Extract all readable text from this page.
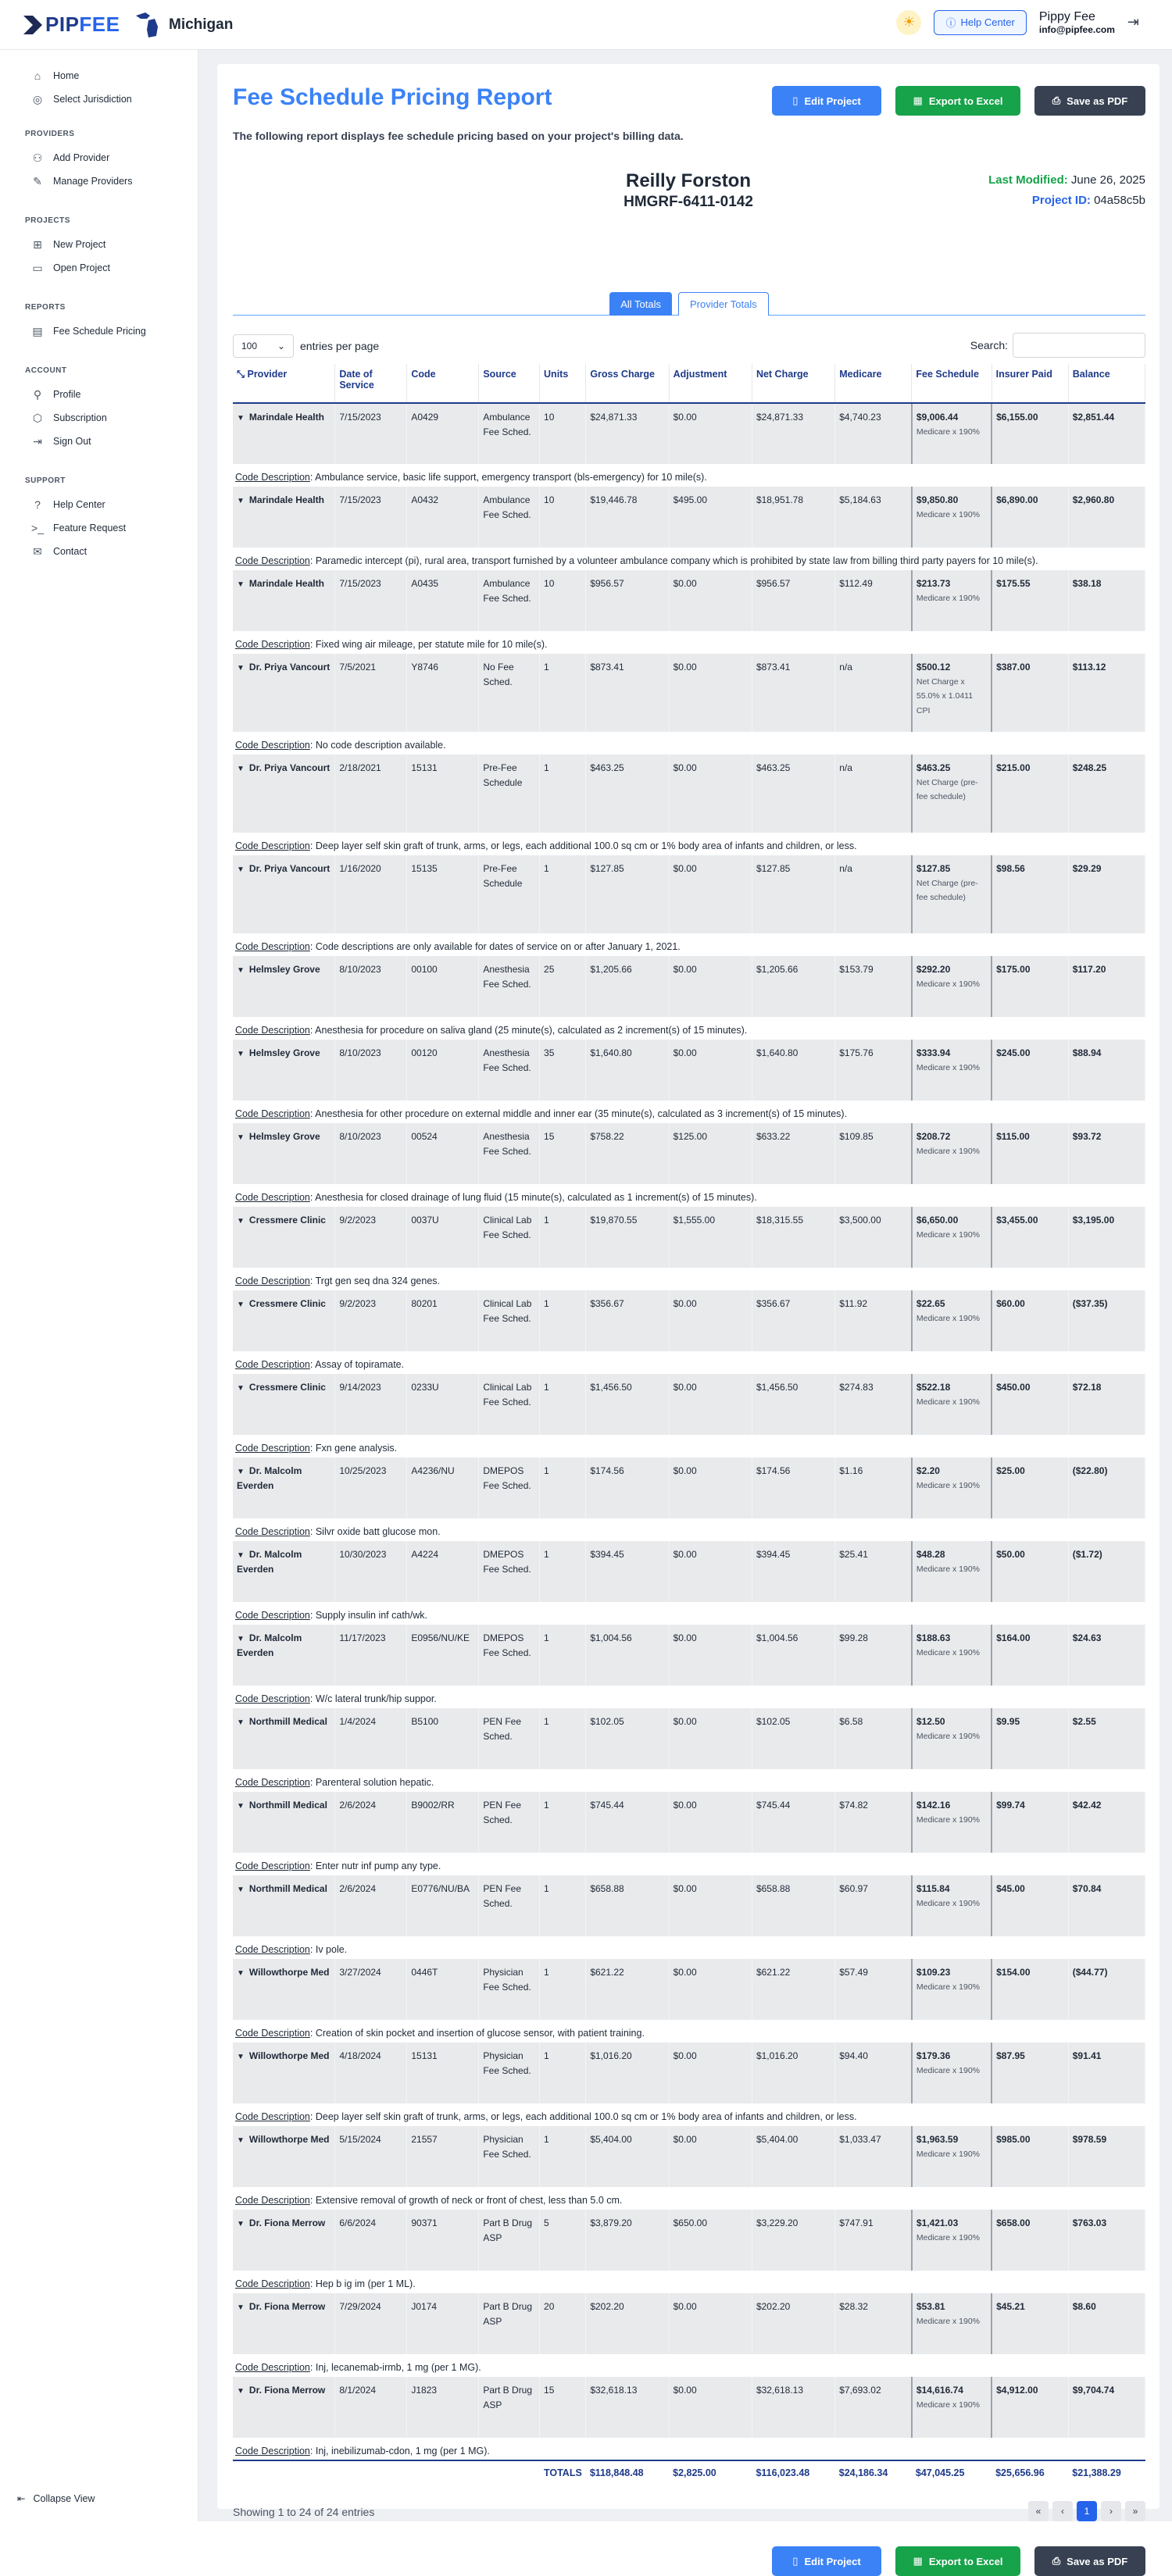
PIP FEE	Michigan	☀	ⓘ Help Center Pippy Fee
info@pipfee.com ⇥
⌂	Home
◎ Select Jurisdiction
PROVIDERS
⚇ Add Provider
✎ Manage Providers
PROJECTS
⊞ New Project
▭ Open Project
REPORTS
▤ Fee Schedule Pricing
ACCOUNT
⚲ Profile
⬡ Subscription
⇥ Sign Out
SUPPORT
?	Help Center
>_ Feature Request
✉ Contact
⇤ Collapse View
Fee Schedule Pricing Report
The following report displays fee schedule pricing based on your project's billing data.
▯ Edit Project	▦ Export to Excel	⎙ Save as PDF
Reilly Forston
HMGRF-6411-0142
Last Modified: June 26, 2025
Project ID: 04a58c5b
All Totals	Provider Totals
100 ⌄ entries per page	Search:
⤡ Provider	Date of Service	Code	Source	Units	Gross Charge	Adjustment	Net Charge	Medicare	Fee Schedule	Insurer Paid	Balance
▼ Marindale Health	7/15/2023	A0429	Ambulance Fee Sched.	10	$24,871.33	$0.00	$24,871.33	$4,740.23	$9,006.44
Medicare x 190%	$6,155.00	$2,851.44
Code Description: Ambulance service, basic life support, emergency transport (bls-emergency) for 10 mile(s).											
▼ Marindale Health	7/15/2023	A0432	Ambulance Fee Sched.	10	$19,446.78	$495.00	$18,951.78	$5,184.63	$9,850.80
Medicare x 190%	$6,890.00	$2,960.80
Code Description: Paramedic intercept (pi), rural area, transport furnished by a volunteer ambulance company which is prohibited by state law from billing third party payers for 10 mile(s).											
▼ Marindale Health	7/15/2023	A0435	Ambulance Fee Sched.	10	$956.57	$0.00	$956.57	$112.49	$213.73
Medicare x 190%	$175.55	$38.18
Code Description: Fixed wing air mileage, per statute mile for 10 mile(s).											
▼ Dr. Priya Vancourt	7/5/2021	Y8746	No Fee Sched.	1	$873.41	$0.00	$873.41	n/a	$500.12
Net Charge x 55.0% x 1.0411 CPI	$387.00	$113.12
Code Description: No code description available.											
▼ Dr. Priya Vancourt	2/18/2021	15131	Pre-Fee Schedule	1	$463.25	$0.00	$463.25	n/a	$463.25
Net Charge (pre-fee schedule)	$215.00	$248.25
Code Description: Deep layer self skin graft of trunk, arms, or legs, each additional 100.0 sq cm or 1% body area of infants and children, or less.											
▼ Dr. Priya Vancourt	1/16/2020	15135	Pre-Fee Schedule	1	$127.85	$0.00	$127.85	n/a	$127.85
Net Charge (pre-fee schedule)	$98.56	$29.29
Code Description: Code descriptions are only available for dates of service on or after January 1, 2021.											
▼ Helmsley Grove	8/10/2023	00100	Anesthesia Fee Sched.	25	$1,205.66	$0.00	$1,205.66	$153.79	$292.20
Medicare x 190%	$175.00	$117.20
Code Description: Anesthesia for procedure on saliva gland (25 minute(s), calculated as 2 increment(s) of 15 minutes).											
▼ Helmsley Grove	8/10/2023	00120	Anesthesia Fee Sched.	35	$1,640.80	$0.00	$1,640.80	$175.76	$333.94
Medicare x 190%	$245.00	$88.94
Code Description: Anesthesia for other procedure on external middle and inner ear (35 minute(s), calculated as 3 increment(s) of 15 minutes).											
▼ Helmsley Grove	8/10/2023	00524	Anesthesia Fee Sched.	15	$758.22	$125.00	$633.22	$109.85	$208.72
Medicare x 190%	$115.00	$93.72
Code Description: Anesthesia for closed drainage of lung fluid (15 minute(s), calculated as 1 increment(s) of 15 minutes).											
▼ Cressmere Clinic	9/2/2023	0037U	Clinical Lab Fee Sched.	1	$19,870.55	$1,555.00	$18,315.55	$3,500.00	$6,650.00
Medicare x 190%	$3,455.00	$3,195.00
Code Description: Trgt gen seq dna 324 genes.											
▼ Cressmere Clinic	9/2/2023	80201	Clinical Lab Fee Sched.	1	$356.67	$0.00	$356.67	$11.92	$22.65
Medicare x 190%	$60.00	($37.35)
Code Description: Assay of topiramate.											
▼ Cressmere Clinic	9/14/2023	0233U	Clinical Lab Fee Sched.	1	$1,456.50	$0.00	$1,456.50	$274.83	$522.18
Medicare x 190%	$450.00	$72.18
Code Description: Fxn gene analysis.											
▼ Dr. Malcolm Everden	10/25/2023	A4236/NU	DMEPOS Fee Sched.	1	$174.56	$0.00	$174.56	$1.16	$2.20
Medicare x 190%	$25.00	($22.80)
Code Description: Silvr oxide batt glucose mon.											
▼ Dr. Malcolm Everden	10/30/2023	A4224	DMEPOS Fee Sched.	1	$394.45	$0.00	$394.45	$25.41	$48.28
Medicare x 190%	$50.00	($1.72)
Code Description: Supply insulin inf cath/wk.											
▼ Dr. Malcolm Everden	11/17/2023	E0956/NU/KE	DMEPOS Fee Sched.	1	$1,004.56	$0.00	$1,004.56	$99.28	$188.63
Medicare x 190%	$164.00	$24.63
Code Description: W/c lateral trunk/hip suppor.											
▼ Northmill Medical	1/4/2024	B5100	PEN Fee Sched.	1	$102.05	$0.00	$102.05	$6.58	$12.50
Medicare x 190%	$9.95	$2.55
Code Description: Parenteral solution hepatic.											
▼ Northmill Medical	2/6/2024	B9002/RR	PEN Fee Sched.	1	$745.44	$0.00	$745.44	$74.82	$142.16
Medicare x 190%	$99.74	$42.42
Code Description: Enter nutr inf pump any type.											
▼ Northmill Medical	2/6/2024	E0776/NU/BA	PEN Fee Sched.	1	$658.88	$0.00	$658.88	$60.97	$115.84
Medicare x 190%	$45.00	$70.84
Code Description: Iv pole.											
▼ Willowthorpe Med	3/27/2024	0446T	Physician Fee Sched.	1	$621.22	$0.00	$621.22	$57.49	$109.23
Medicare x 190%	$154.00	($44.77)
Code Description: Creation of skin pocket and insertion of glucose sensor, with patient training.											
▼ Willowthorpe Med	4/18/2024	15131	Physician Fee Sched.	1	$1,016.20	$0.00	$1,016.20	$94.40	$179.36
Medicare x 190%	$87.95	$91.41
Code Description: Deep layer self skin graft of trunk, arms, or legs, each additional 100.0 sq cm or 1% body area of infants and children, or less.											
▼ Willowthorpe Med	5/15/2024	21557	Physician Fee Sched.	1	$5,404.00	$0.00	$5,404.00	$1,033.47	$1,963.59
Medicare x 190%	$985.00	$978.59
Code Description: Extensive removal of growth of neck or front of chest, less than 5.0 cm.											
▼ Dr. Fiona Merrow	6/6/2024	90371	Part B Drug ASP	5	$3,879.20	$650.00	$3,229.20	$747.91	$1,421.03
Medicare x 190%	$658.00	$763.03
Code Description: Hep b ig im (per 1 ML).											
▼ Dr. Fiona Merrow	7/29/2024	J0174	Part B Drug ASP	20	$202.20	$0.00	$202.20	$28.32	$53.81
Medicare x 190%	$45.21	$8.60
Code Description: Inj, lecanemab-irmb, 1 mg (per 1 MG).											
▼ Dr. Fiona Merrow	8/1/2024	J1823	Part B Drug ASP	15	$32,618.13	$0.00	$32,618.13	$7,693.02	$14,616.74
Medicare x 190%	$4,912.00	$9,704.74
Code Description: Inj, inebilizumab-cdon, 1 mg (per 1 MG).											
TOTALS					$118,848.48	$2,825.00	$116,023.48	$24,186.34	$47,045.25	$25,656.96	$21,388.29
Showing 1 to 24 of 24 entries	«	‹	1	›	»
▯ Edit Project	▦ Export to Excel	⎙ Save as PDF
